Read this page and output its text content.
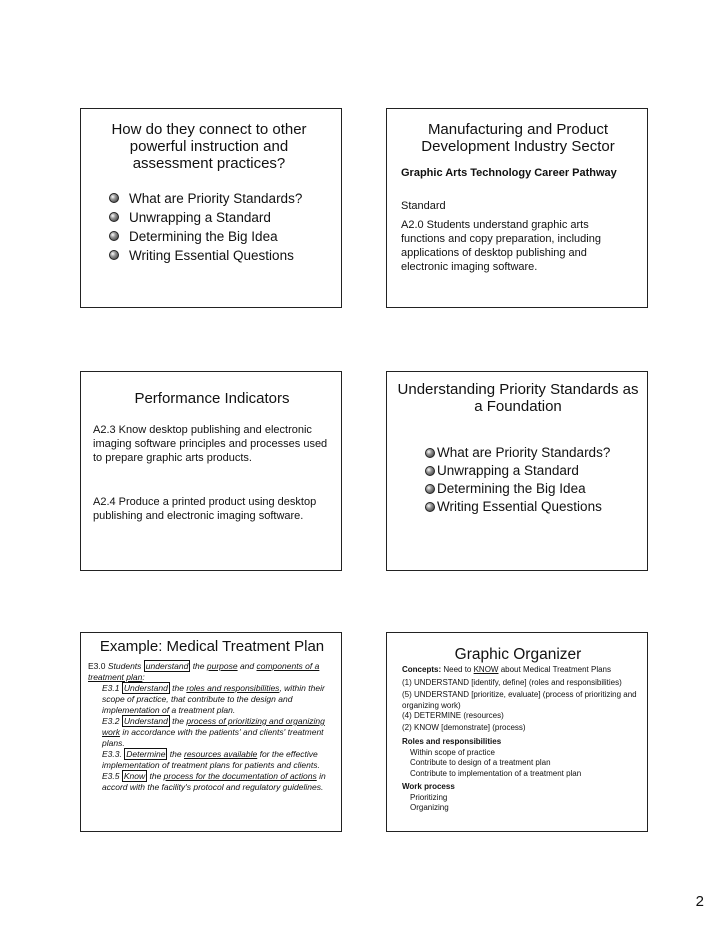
How do they connect to other powerful instruction and assessment practices?
What are Priority Standards?
Unwrapping a Standard
Determining the Big Idea
Writing Essential Questions
Manufacturing and Product Development Industry Sector
Graphic Arts Technology Career Pathway
Standard
A2.0 Students understand graphic arts functions and copy preparation, including applications of desktop publishing and electronic imaging software.
Performance Indicators
A2.3 Know desktop publishing and electronic imaging software principles and processes used to prepare graphic arts products.
A2.4 Produce a printed product using desktop publishing and electronic imaging software.
Understanding Priority Standards as a Foundation
What are Priority Standards?
Unwrapping a Standard
Determining the Big Idea
Writing Essential Questions
Example: Medical Treatment Plan

E3.0 Students understand the purpose and components of a treatment plan:

E3.1 Understand the roles and responsibilities, within their scope of practice, that contribute to the design and implementation of a treatment plan.

E3.2 Understand the process of prioritizing and organizing work in accordance with the patients' and clients' treatment plans.

E3.3. Determine the resources available for the effective implementation of treatment plans for patients and clients.

E3.5 Know the process for the documentation of actions in accord with the facility's protocol and regulatory guidelines.

Graphic Organizer

Concepts: Need to KNOW about Medical Treatment Plans

(1) UNDERSTAND [identify, define] (roles and responsibilities)

(5) UNDERSTAND [prioritize, evaluate] (process of prioritizing and organizing work)

(4) DETERMINE (resources)

(2) KNOW [demonstrate] (process)

Roles and responsibilities

Within scope of practice

Contribute to design of a treatment plan

Contribute to implementation of a treatment plan

Work process

Prioritizing

Organizing

2
